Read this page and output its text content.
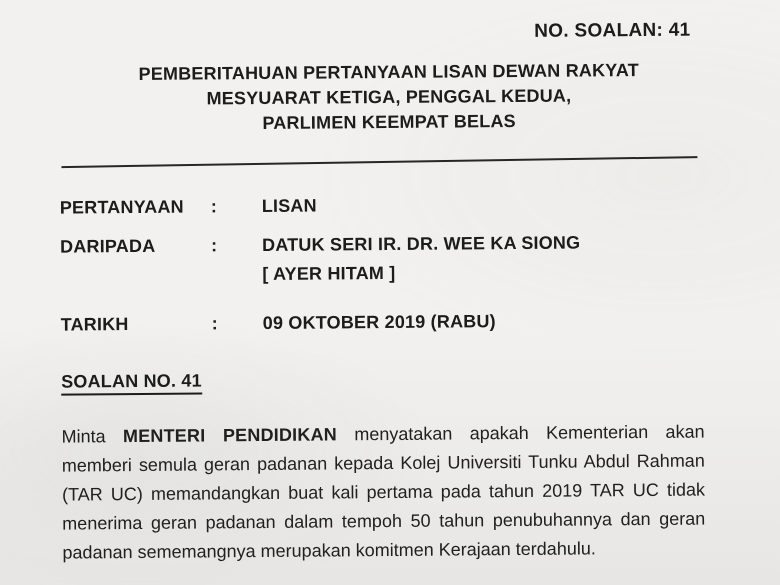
NO. SOALAN: 41
PEMBERITAHUAN PERTANYAAN LISAN DEWAN RAKYAT
MESYUARAT KETIGA, PENGGAL KEDUA,
PARLIMEN KEEMPAT BELAS
PERTANYAAN	:	LISAN
DARIPADA	:	DATUK SERI IR. DR. WEE KA SIONG
[ AYER HITAM ]
TARIKH	:	09 OKTOBER 2019 (RABU)
SOALAN NO. 41

Minta MENTERI PENDIDIKAN menyatakan apakah Kementerian akan memberi semula geran padanan kepada Kolej Universiti Tunku Abdul Rahman (TAR UC) memandangkan buat kali pertama pada tahun 2019 TAR UC tidak menerima geran padanan dalam tempoh 50 tahun penubuhannya dan geran padanan sememangnya merupakan komitmen Kerajaan terdahulu.
